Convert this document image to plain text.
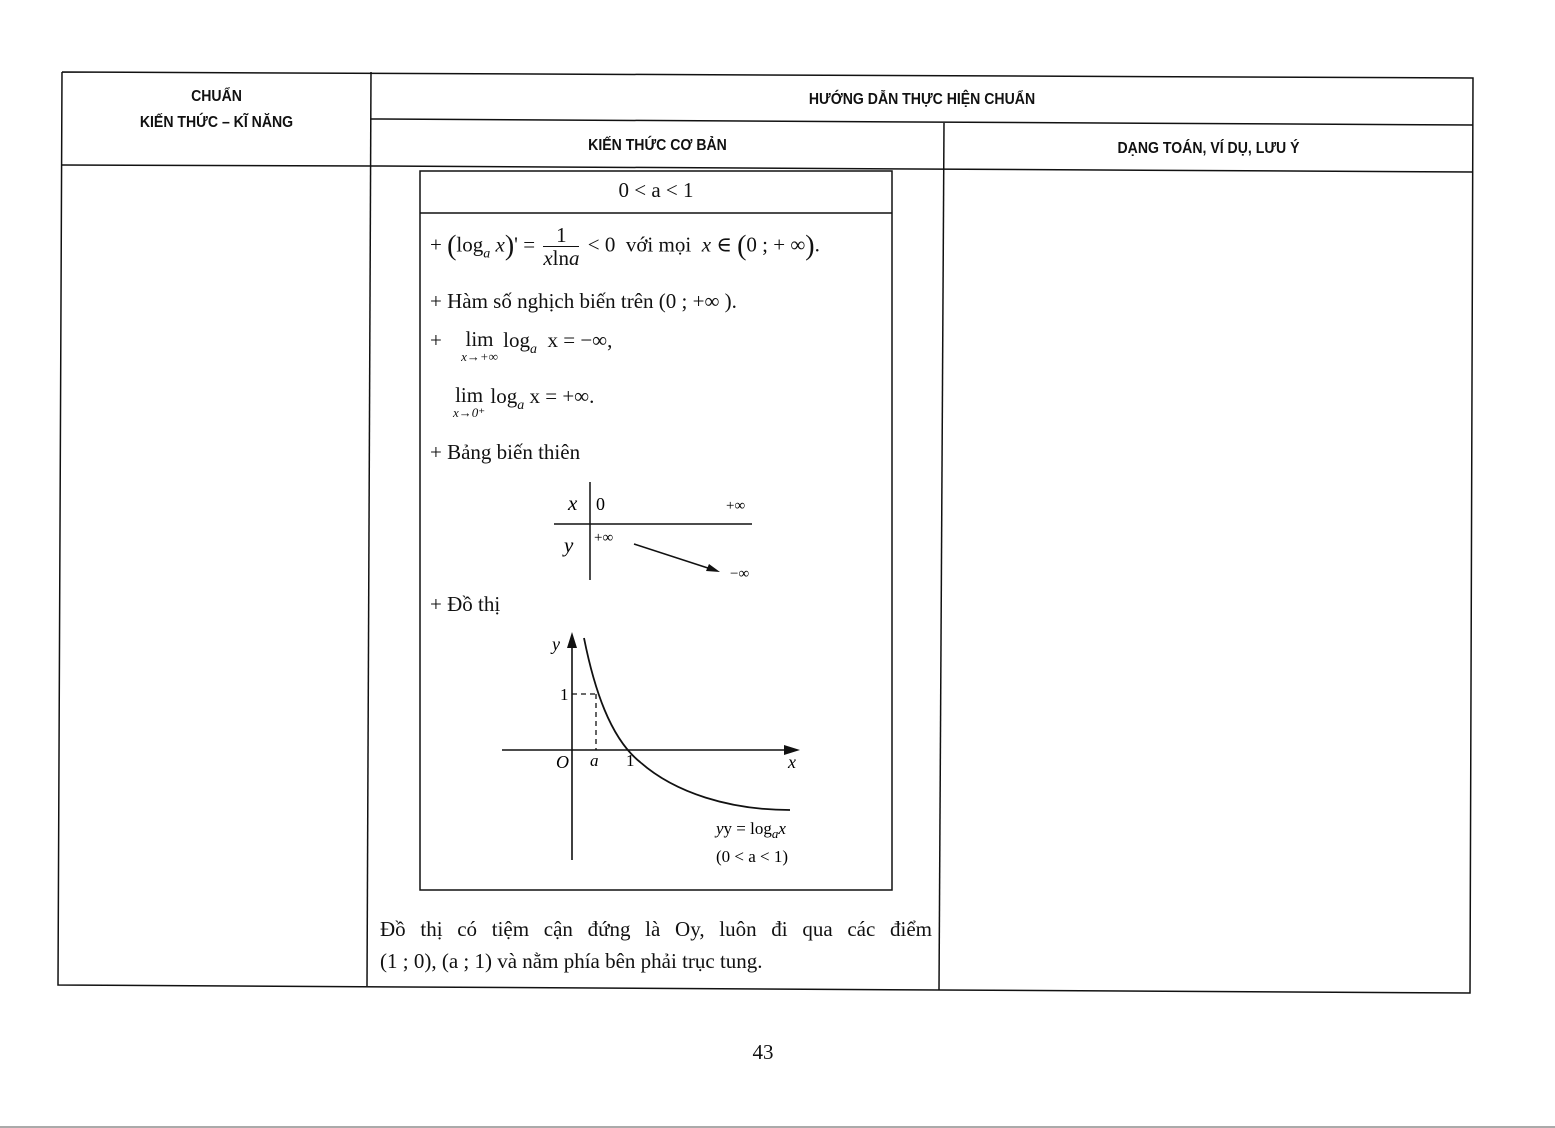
CHUẨN
KIẾN THỨC – KĨ NĂNG
HƯỚNG DẪN THỰC HIỆN CHUẨN
KIẾN THỨC CƠ BẢN	DẠNG TOÁN, VÍ DỤ, LƯU Ý
0 < a < 1
+ ($\log_a$ $x)' = \frac{1}{xlna} < 0$ với mọi x ∈ (0 ; + ∞).
+ Hàm số nghịch biến trên (0 ; +∞ ).
+ lim
x→+∞
$\log_a x$ = −∞,
lim
x→0⁺
$\log_a x$ = +∞.
+ Bảng biến thiên
x 0	+∞
y +∞
−∞
+ Đồ thị
y
x
O
1
a 1
yy = $\log_ax$
(0 < a < 1)
Đồ thị có tiệm cận đứng là Oy, luôn đi qua các điểm
(1 ; 0), (a ; 1) và nằm phía bên phải trục tung.
43
